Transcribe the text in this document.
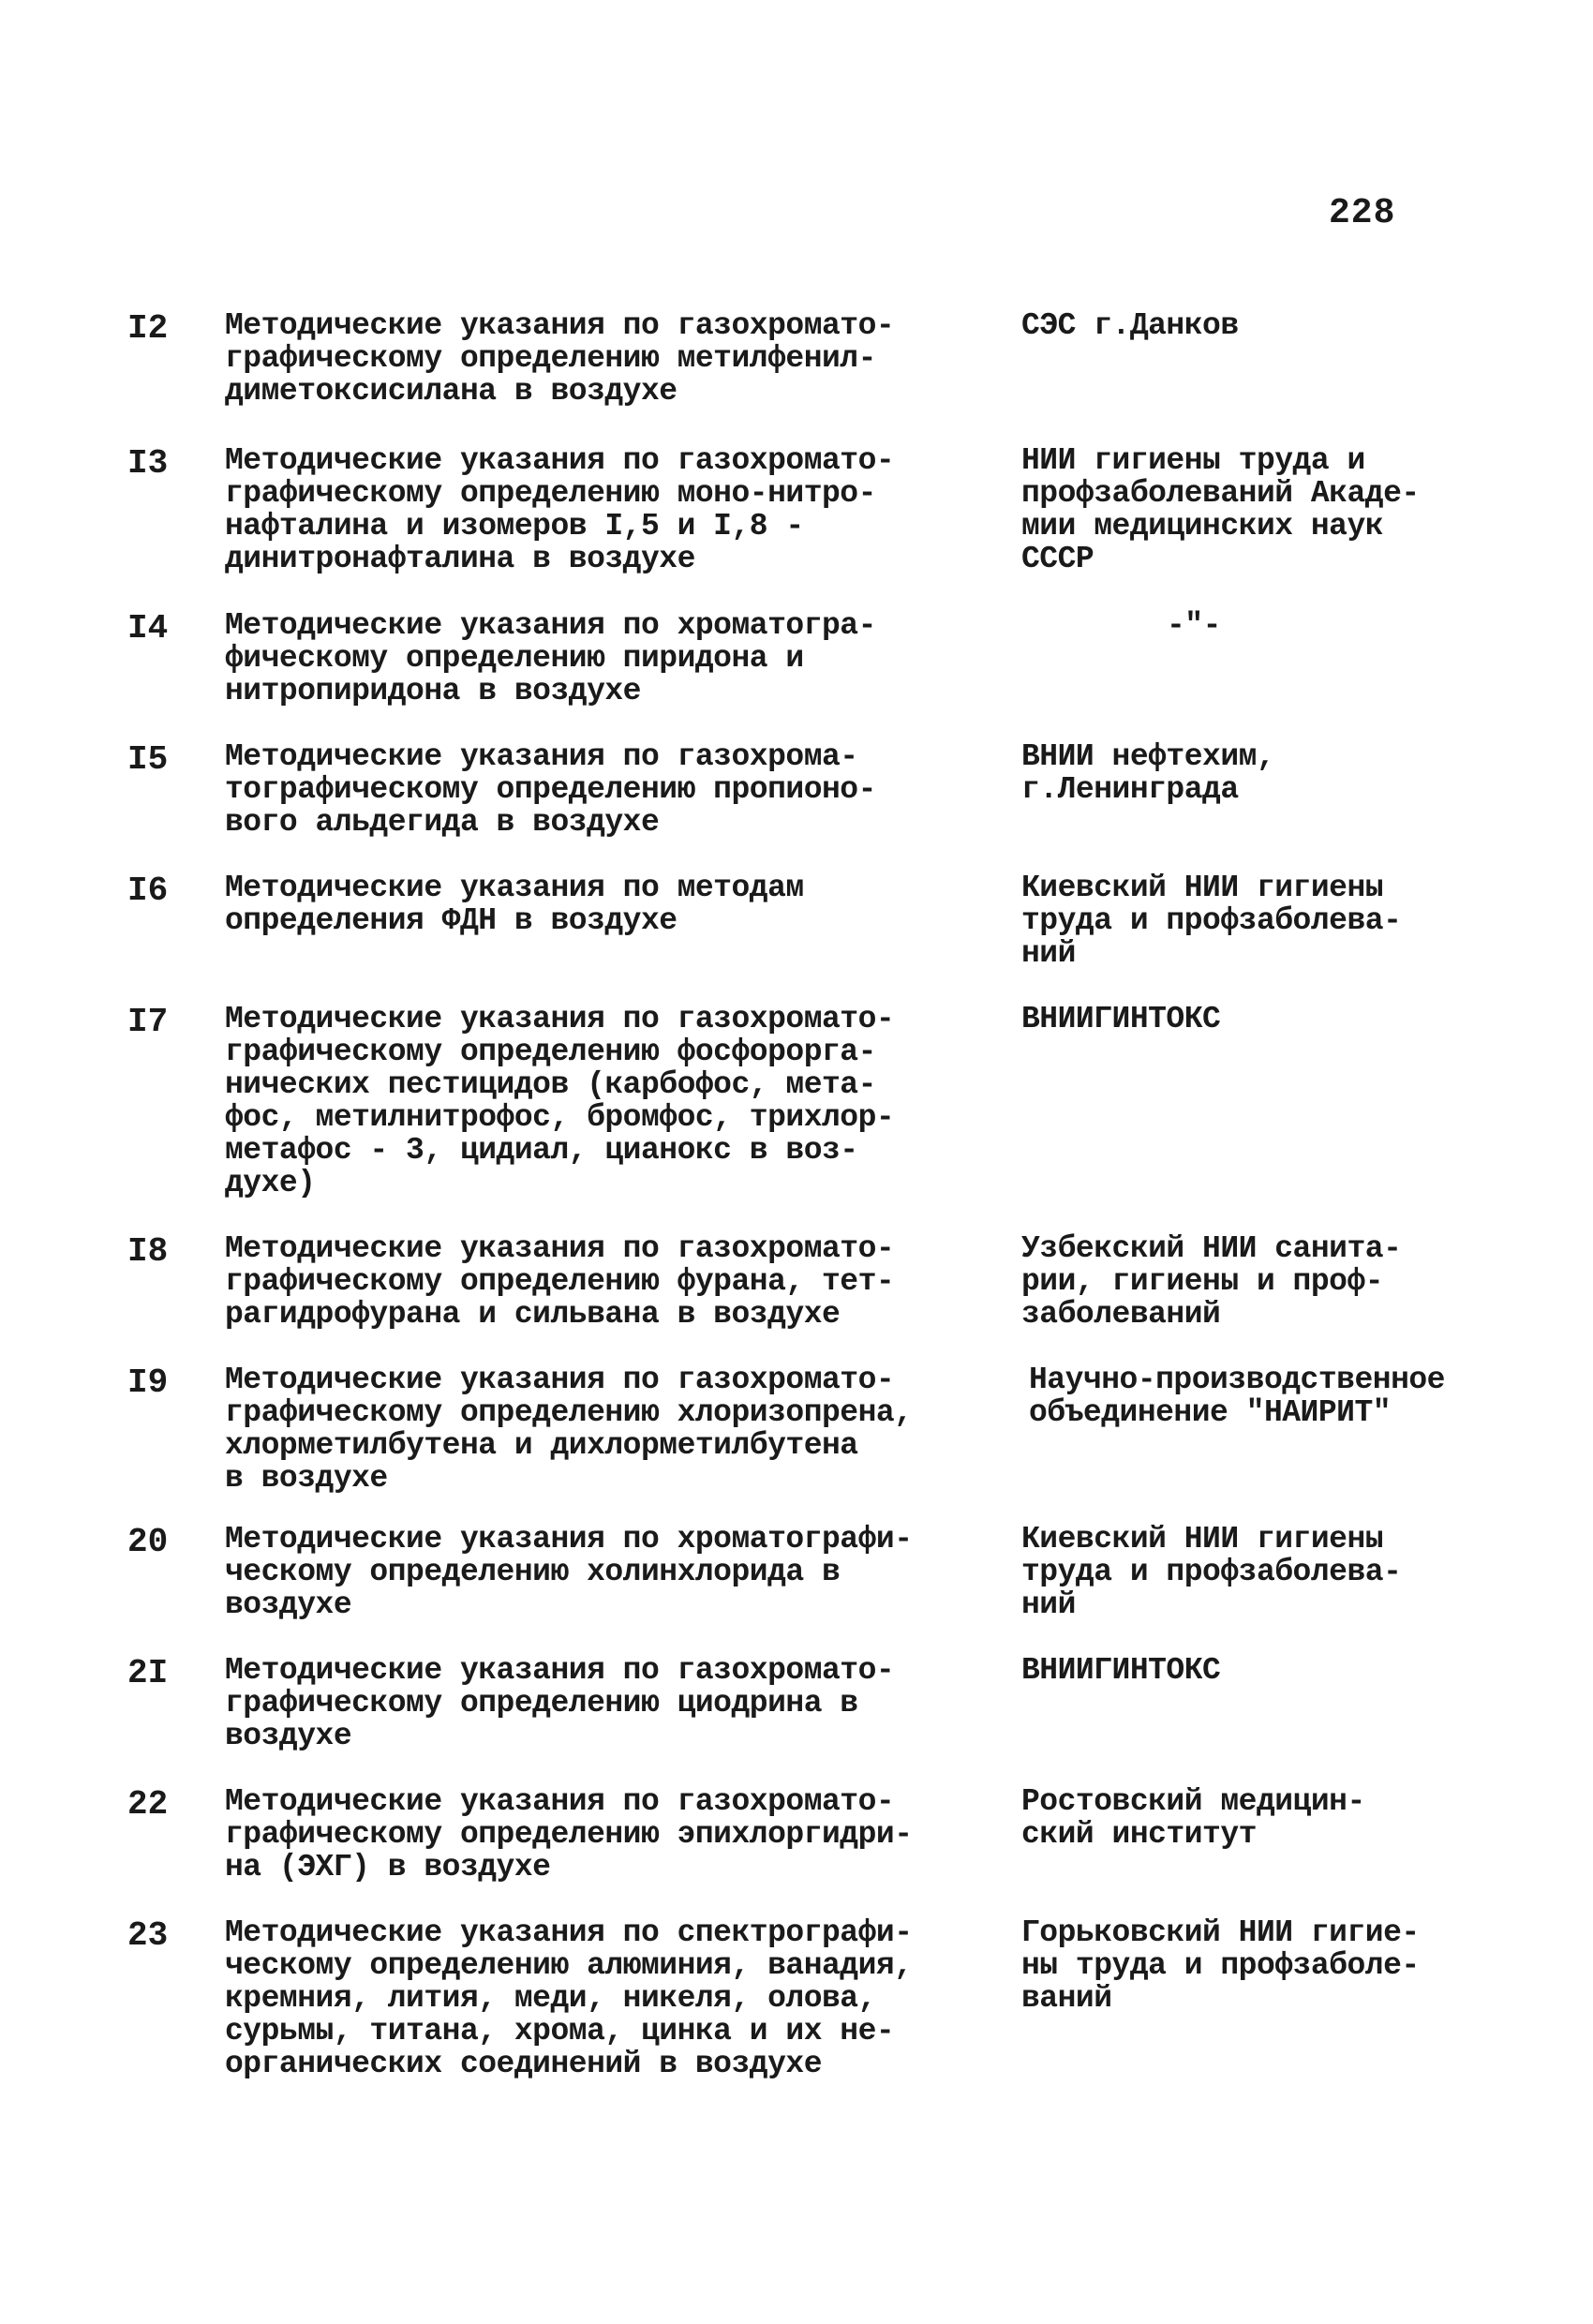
228
I2 Методические указания по газохромато-
графическому определению метилфенил-
диметоксисилана в воздухе
СЭС г.Данков
I3 Методические указания по газохромато-
графическому определению моно-нитро-
нафталина и изомеров I,5 и I,8 -
динитронафталина в воздухе
НИИ гигиены труда и
профзаболеваний Акаде-
мии медицинских наук
СССР
I4 Методические указания по хроматогра-
фическому определению пиридона и
нитропиридона в воздухе
-"-
I5 Методические указания по газохрома-
тографическому определению пропионо-
вого альдегида в воздухе
ВНИИ нефтехим,
г.Ленинграда
I6 Методические указания по методам
определения ФДН в воздухе
Киевский НИИ гигиены
труда и профзаболева-
ний
I7 Методические указания по газохромато-
графическому определению фосфорорга-
нических пестицидов (карбофос, мета-
фос, метилнитрофос, бромфос, трихлор-
метафос - 3, цидиал, цианокс в воз-
духе)
ВНИИГИНТОКС
I8 Методические указания по газохромато-
графическому определению фурана, тет-
рагидрофурана и сильвана в воздухе
Узбекский НИИ санита-
рии, гигиены и проф-
заболеваний
I9 Методические указания по газохромато-
графическому определению хлоризопрена,
хлорметилбутена и дихлорметилбутена
в воздухе
Научно-производственное
объединение "НАИРИТ"
20 Методические указания по хроматографи-
ческому определению холинхлорида в
воздухе
Киевский НИИ гигиены
труда и профзаболева-
ний
2I Методические указания по газохромато-
графическому определению циодрина в
воздухе
ВНИИГИНТОКС
22 Методические указания по газохромато-
графическому определению эпихлоргидри-
на (ЭХГ) в воздухе
Ростовский медицин-
ский институт
23 Методические указания по спектрографи-
ческому определению алюминия, ванадия,
кремния, лития, меди, никеля, олова,
сурьмы, титана, хрома, цинка и их не-
органических соединений в воздухе
Горьковский НИИ гигие-
ны труда и профзаболе-
ваний
